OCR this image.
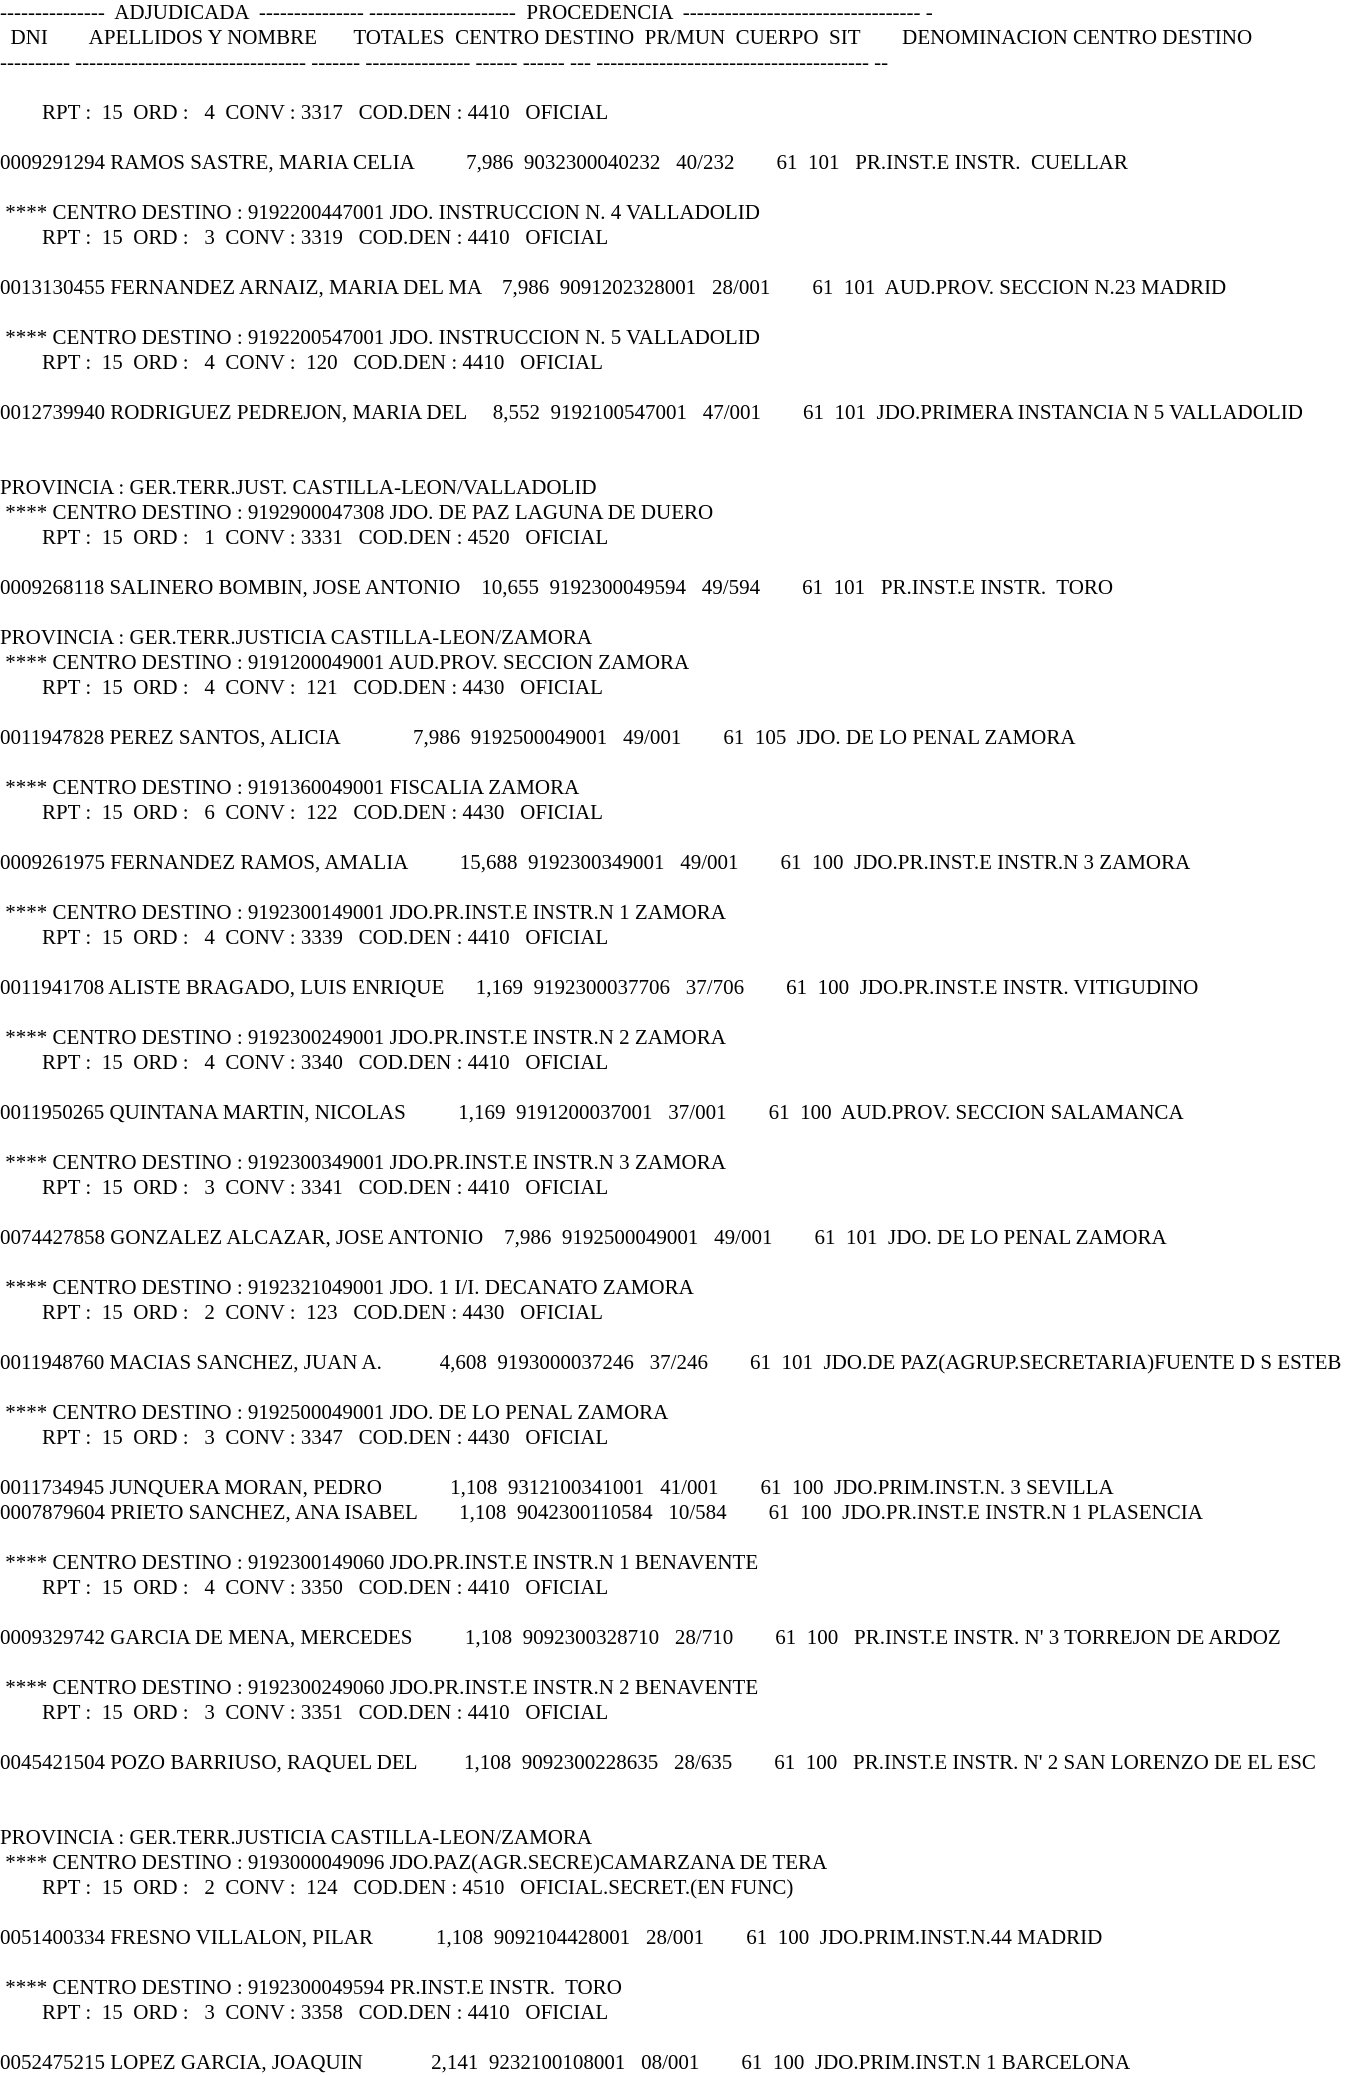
---------------  ADJUDICADA  --------------- ---------------------  PROCEDENCIA  ---------------------------------- -
DNI        APELLIDOS Y NOMBRE       TOTALES  CENTRO DESTINO  PR/MUN  CUERPO  SIT        DENOMINACION CENTRO DESTINO
---------- --------------------------------- ------- --------------- ------ ------ --- --------------------------------------- --
RPT :  15  ORD :   4  CONV : 3317   COD.DEN : 4410   OFICIAL
0009291294 RAMOS SASTRE, MARIA CELIA          7,986  9032300040232   40/232        61  101   PR.INST.E INSTR.  CUELLAR
**** CENTRO DESTINO : 9192200447001 JDO. INSTRUCCION N. 4 VALLADOLID
RPT :  15  ORD :   3  CONV : 3319   COD.DEN : 4410   OFICIAL
0013130455 FERNANDEZ ARNAIZ, MARIA DEL MA    7,986  9091202328001   28/001        61  101  AUD.PROV. SECCION N.23 MADRID
**** CENTRO DESTINO : 9192200547001 JDO. INSTRUCCION N. 5 VALLADOLID
RPT :  15  ORD :   4  CONV :  120   COD.DEN : 4410   OFICIAL
0012739940 RODRIGUEZ PEDREJON, MARIA DEL     8,552  9192100547001   47/001        61  101  JDO.PRIMERA INSTANCIA N 5 VALLADOLID
PROVINCIA : GER.TERR.JUST. CASTILLA-LEON/VALLADOLID
**** CENTRO DESTINO : 9192900047308 JDO. DE PAZ LAGUNA DE DUERO
RPT :  15  ORD :   1  CONV : 3331   COD.DEN : 4520   OFICIAL
0009268118 SALINERO BOMBIN, JOSE ANTONIO    10,655  9192300049594   49/594        61  101   PR.INST.E INSTR.  TORO
PROVINCIA : GER.TERR.JUSTICIA CASTILLA-LEON/ZAMORA
**** CENTRO DESTINO : 9191200049001 AUD.PROV. SECCION ZAMORA
RPT :  15  ORD :   4  CONV :  121   COD.DEN : 4430   OFICIAL
0011947828 PEREZ SANTOS, ALICIA              7,986  9192500049001   49/001        61  105  JDO. DE LO PENAL ZAMORA
**** CENTRO DESTINO : 9191360049001 FISCALIA ZAMORA
RPT :  15  ORD :   6  CONV :  122   COD.DEN : 4430   OFICIAL
0009261975 FERNANDEZ RAMOS, AMALIA          15,688  9192300349001   49/001        61  100  JDO.PR.INST.E INSTR.N 3 ZAMORA
**** CENTRO DESTINO : 9192300149001 JDO.PR.INST.E INSTR.N 1 ZAMORA
RPT :  15  ORD :   4  CONV : 3339   COD.DEN : 4410   OFICIAL
0011941708 ALISTE BRAGADO, LUIS ENRIQUE      1,169  9192300037706   37/706        61  100  JDO.PR.INST.E INSTR. VITIGUDINO
**** CENTRO DESTINO : 9192300249001 JDO.PR.INST.E INSTR.N 2 ZAMORA
RPT :  15  ORD :   4  CONV : 3340   COD.DEN : 4410   OFICIAL
0011950265 QUINTANA MARTIN, NICOLAS          1,169  9191200037001   37/001        61  100  AUD.PROV. SECCION SALAMANCA
**** CENTRO DESTINO : 9192300349001 JDO.PR.INST.E INSTR.N 3 ZAMORA
RPT :  15  ORD :   3  CONV : 3341   COD.DEN : 4410   OFICIAL
0074427858 GONZALEZ ALCAZAR, JOSE ANTONIO    7,986  9192500049001   49/001        61  101  JDO. DE LO PENAL ZAMORA
**** CENTRO DESTINO : 9192321049001 JDO. 1 I/I. DECANATO ZAMORA
RPT :  15  ORD :   2  CONV :  123   COD.DEN : 4430   OFICIAL
0011948760 MACIAS SANCHEZ, JUAN A.           4,608  9193000037246   37/246        61  101  JDO.DE PAZ(AGRUP.SECRETARIA)FUENTE D S ESTEB
**** CENTRO DESTINO : 9192500049001 JDO. DE LO PENAL ZAMORA
RPT :  15  ORD :   3  CONV : 3347   COD.DEN : 4430   OFICIAL
0011734945 JUNQUERA MORAN, PEDRO             1,108  9312100341001   41/001        61  100  JDO.PRIM.INST.N. 3 SEVILLA
0007879604 PRIETO SANCHEZ, ANA ISABEL        1,108  9042300110584   10/584        61  100  JDO.PR.INST.E INSTR.N 1 PLASENCIA
**** CENTRO DESTINO : 9192300149060 JDO.PR.INST.E INSTR.N 1 BENAVENTE
RPT :  15  ORD :   4  CONV : 3350   COD.DEN : 4410   OFICIAL
0009329742 GARCIA DE MENA, MERCEDES          1,108  9092300328710   28/710        61  100   PR.INST.E INSTR. N' 3 TORREJON DE ARDOZ
**** CENTRO DESTINO : 9192300249060 JDO.PR.INST.E INSTR.N 2 BENAVENTE
RPT :  15  ORD :   3  CONV : 3351   COD.DEN : 4410   OFICIAL
0045421504 POZO BARRIUSO, RAQUEL DEL         1,108  9092300228635   28/635        61  100   PR.INST.E INSTR. N' 2 SAN LORENZO DE EL ESC
PROVINCIA : GER.TERR.JUSTICIA CASTILLA-LEON/ZAMORA
**** CENTRO DESTINO : 9193000049096 JDO.PAZ(AGR.SECRE)CAMARZANA DE TERA
RPT :  15  ORD :   2  CONV :  124   COD.DEN : 4510   OFICIAL.SECRET.(EN FUNC)
0051400334 FRESNO VILLALON, PILAR            1,108  9092104428001   28/001        61  100  JDO.PRIM.INST.N.44 MADRID
**** CENTRO DESTINO : 9192300049594 PR.INST.E INSTR.  TORO
RPT :  15  ORD :   3  CONV : 3358   COD.DEN : 4410   OFICIAL
0052475215 LOPEZ GARCIA, JOAQUIN             2,141  9232100108001   08/001        61  100  JDO.PRIM.INST.N 1 BARCELONA
